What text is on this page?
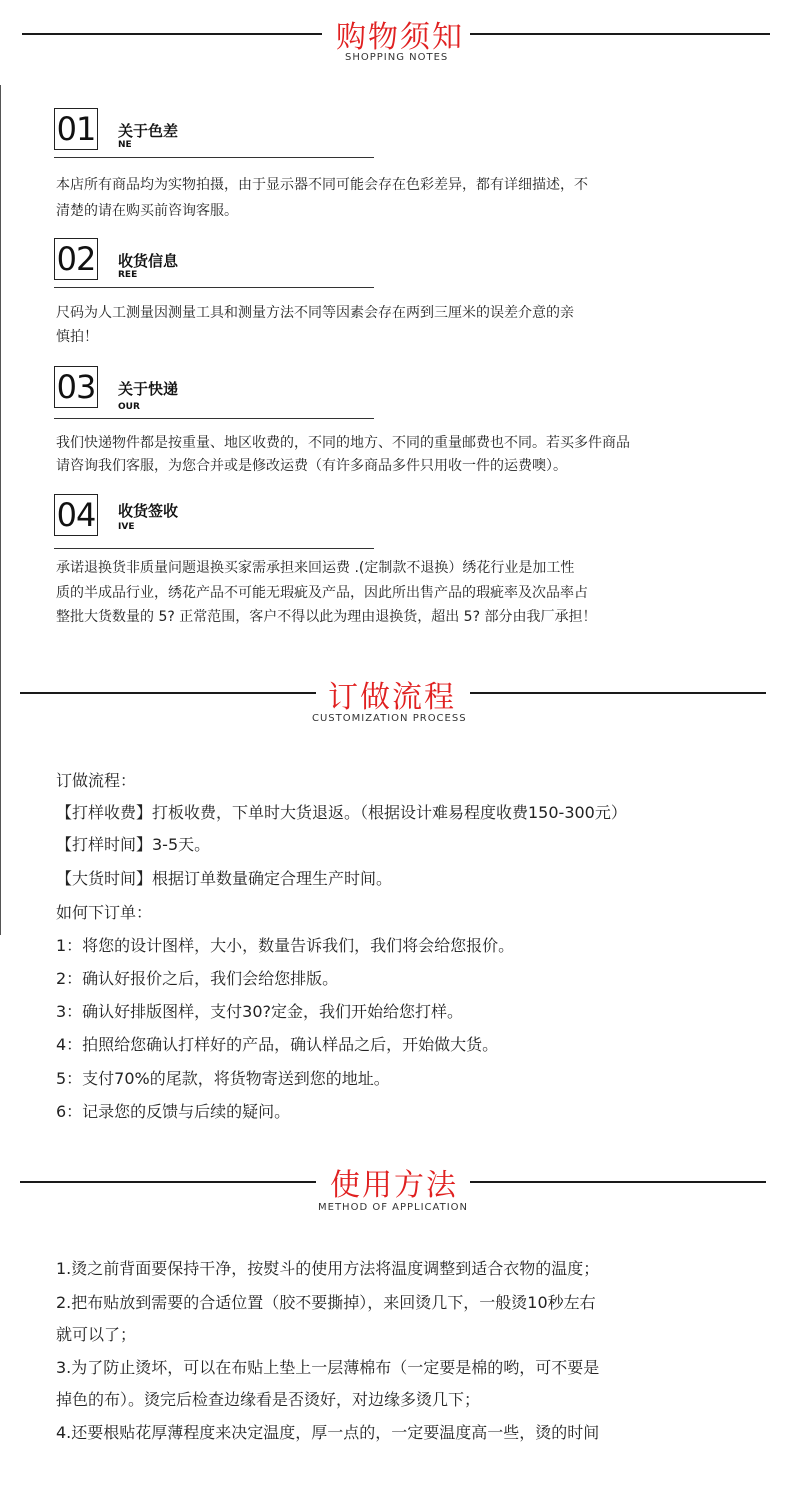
购物须知
SHOPPING NOTES
01 关于色差
NE
本店所有商品均为实物拍摄，由于显示器不同可能会存在色彩差异，都有详细描述，不
清楚的请在购买前咨询客服。
02 收货信息
REE
尺码为人工测量因测量工具和测量方法不同等因素会存在两到三厘米的误差介意的亲
慎拍！
03 关于快递
OUR
我们快递物件都是按重量、地区收费的，不同的地方、不同的重量邮费也不同。若买多件商品
请咨询我们客服，为您合并或是修改运费（有许多商品多件只用收一件的运费噢）。
04 收货签收
IVE
承诺退换货非质量问题退换买家需承担来回运费 .(定制款不退换）绣花行业是加工性
质的半成品行业，绣花产品不可能无瑕疵及产品，因此所出售产品的瑕疵率及次品率占
整批大货数量的 5? 正常范围，客户不得以此为理由退换货，超出 5? 部分由我厂承担！
订做流程
CUSTOMIZATION PROCESS
订做流程：
【打样收费】打板收费，下单时大货退返。（根据设计难易程度收费150-300元）
【打样时间】3-5天。
【大货时间】根据订单数量确定合理生产时间。
如何下订单：
1：将您的设计图样，大小，数量告诉我们，我们将会给您报价。
2：确认好报价之后，我们会给您排版。
3：确认好排版图样，支付30?定金，我们开始给您打样。
4：拍照给您确认打样好的产品，确认样品之后，开始做大货。
5：支付70%的尾款，将货物寄送到您的地址。
6：记录您的反馈与后续的疑问。
使用方法
METHOD OF APPLICATION
1.烫之前背面要保持干净，按熨斗的使用方法将温度调整到适合衣物的温度；
2.把布贴放到需要的合适位置（胶不要撕掉），来回烫几下，一般烫10秒左右
就可以了；
3.为了防止烫坏，可以在布贴上垫上一层薄棉布（一定要是棉的哟，可不要是
掉色的布）。烫完后检查边缘看是否烫好，对边缘多烫几下；
4.还要根贴花厚薄程度来决定温度，厚一点的，一定要温度高一些，烫的时间
